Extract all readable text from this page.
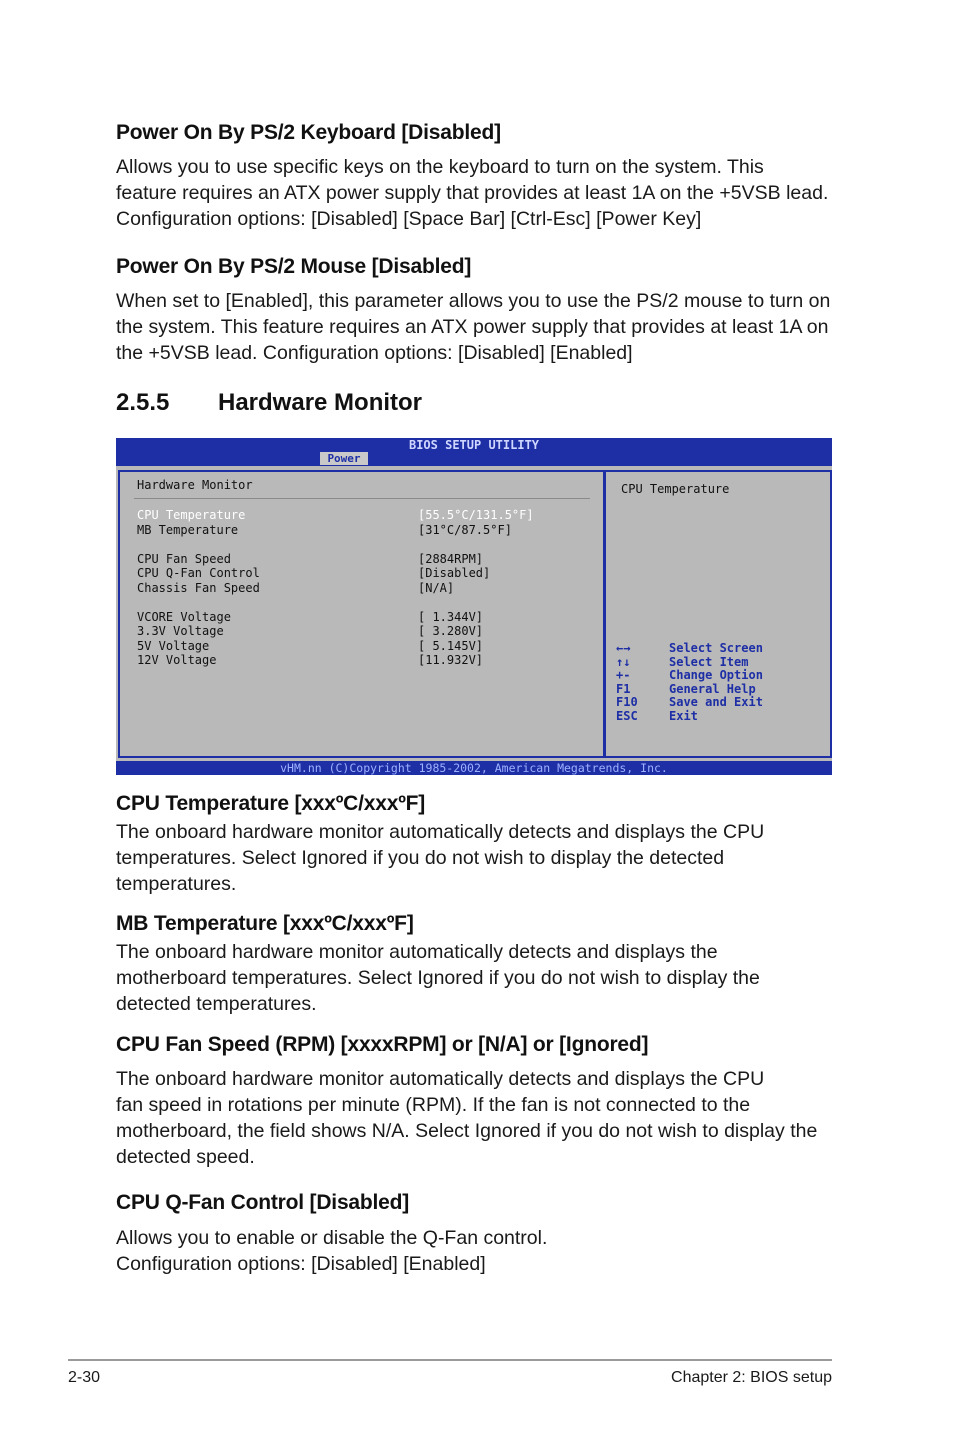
Power On By PS/2 Keyboard [Disabled]
Allows you to use specific keys on the keyboard to turn on the system. This
feature requires an ATX power supply that provides at least 1A on the +5VSB lead.
Configuration options: [Disabled] [Space Bar] [Ctrl-Esc] [Power Key]
Power On By PS/2 Mouse [Disabled]
When set to [Enabled], this parameter allows you to use the PS/2 mouse to turn on
the system. This feature requires an ATX power supply that provides at least 1A on
the +5VSB lead. Configuration options: [Disabled] [Enabled]
2.5.5 Hardware Monitor
BIOS SETUP UTILITY
Power
Hardware Monitor
CPU Temperature	[55.5°C/131.5°F]
MB Temperature	[31°C/87.5°F]
CPU Fan Speed	[2884RPM]
CPU Q-Fan Control	[Disabled]
Chassis Fan Speed	[N/A]
VCORE Voltage	[ 1.344V]
3.3V Voltage	[ 3.280V]
5V Voltage	[ 5.145V]
12V Voltage	[11.932V]
CPU Temperature
←→	Select Screen
↑↓	Select Item
+-	Change Option
F1	General Help
F10	Save and Exit
ESC	Exit
vHM.nn (C)Copyright 1985-2002, American Megatrends, Inc.
CPU Temperature [xxxºC/xxxºF]
The onboard hardware monitor automatically detects and displays the CPU
temperatures. Select Ignored if you do not wish to display the detected
temperatures.
MB Temperature [xxxºC/xxxºF]
The onboard hardware monitor automatically detects and displays the
motherboard temperatures. Select Ignored if you do not wish to display the
detected temperatures.
CPU Fan Speed (RPM) [xxxxRPM] or [N/A] or [Ignored]
The onboard hardware monitor automatically detects and displays the CPU
fan speed in rotations per minute (RPM). If the fan is not connected to the
motherboard, the field shows N/A. Select Ignored if you do not wish to display the
detected speed.
CPU Q-Fan Control [Disabled]
Allows you to enable or disable the Q-Fan control.
Configuration options: [Disabled] [Enabled]
2-30	Chapter 2: BIOS setup
